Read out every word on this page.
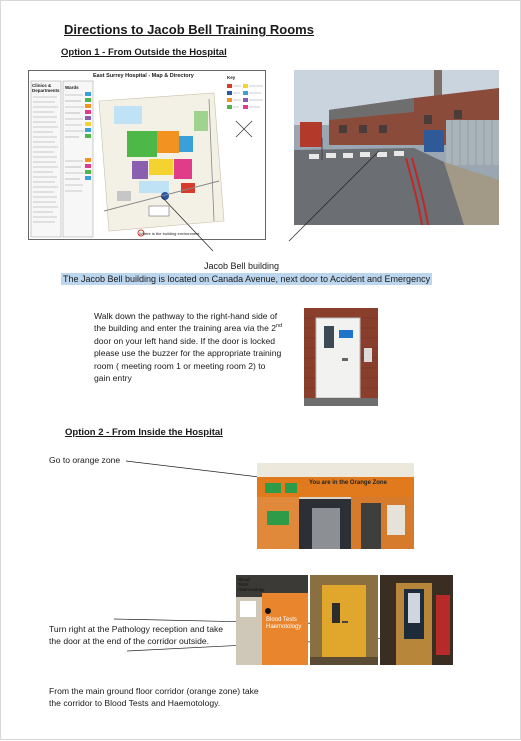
Directions to Jacob Bell Training Rooms
Option 1 - From Outside the Hospital
East Surrey Hospital - Map & Directory
Clinics & Departments
Wards
Key
Where is the building environment
Jacob Bell building
The Jacob Bell building is located on Canada Avenue, next door to Accident and Emergency
Walk down the pathway to the right-hand side of the building and enter the training area via the 2nd door on your left hand side. If the door is locked please use the buzzer for the appropriate training room ( meeting room 1 or meeting room 2) to gain entry
Option 2 - From Inside the Hospital
Go to orange zone
You are in the Orange Zone
Blood Tests Haemotology
Blood Tests Haemotology
Turn right at the Pathology reception and take the door at the end of the corridor outside.
From the main ground floor corridor (orange zone) take the corridor to Blood Tests and Haemotology.
